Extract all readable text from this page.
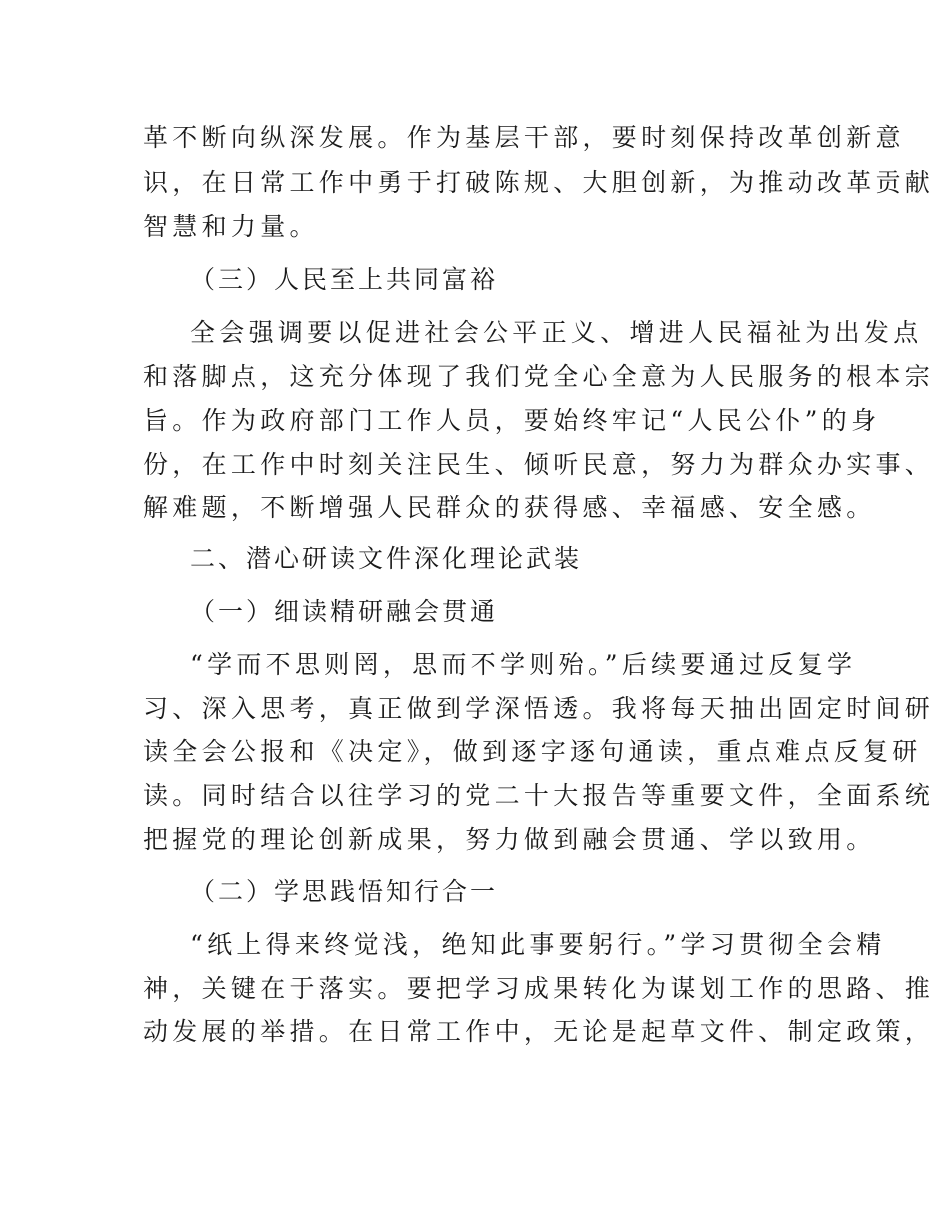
革不断向纵深发展。作为基层干部，要时刻保持改革创新意
识，在日常工作中勇于打破陈规、大胆创新，为推动改革贡献
智慧和力量。
（三）人民至上共同富裕
全会强调要以促进社会公平正义、增进人民福祉为出发点
和落脚点，这充分体现了我们党全心全意为人民服务的根本宗
旨。作为政府部门工作人员，要始终牢记“人民公仆”的身
份，在工作中时刻关注民生、倾听民意，努力为群众办实事、
解难题，不断增强人民群众的获得感、幸福感、安全感。
二、潜心研读文件深化理论武装
（一）细读精研融会贯通
“学而不思则罔，思而不学则殆。”后续要通过反复学
习、深入思考，真正做到学深悟透。我将每天抽出固定时间研
读全会公报和《决定》，做到逐字逐句通读，重点难点反复研
读。同时结合以往学习的党二十大报告等重要文件，全面系统
把握党的理论创新成果，努力做到融会贯通、学以致用。
（二）学思践悟知行合一
“纸上得来终觉浅，绝知此事要躬行。”学习贯彻全会精
神，关键在于落实。要把学习成果转化为谋划工作的思路、推
动发展的举措。在日常工作中，无论是起草文件、制定政策，
